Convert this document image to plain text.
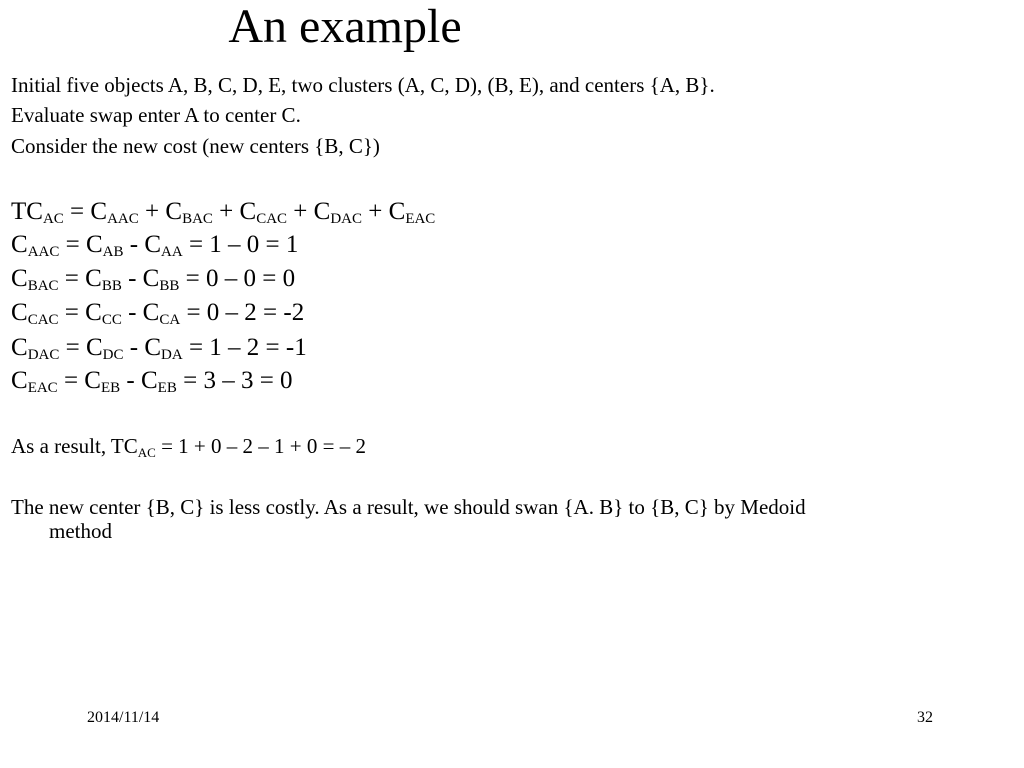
An example
Initial five objects A, B, C, D, E, two clusters (A, C, D), (B, E), and centers {A, B}.
Evaluate swap enter A to center C.
Consider the new cost (new centers {B, C})
$TC_{AC} = C_{AAC} + C_{BAC} + C_{CAC} + C_{DAC} + C_{EAC}$
$C_{AAC} = C_{AB} - C_{AA} = 1 - 0 = 1$
$C_{BAC} = C_{BB} - C_{BB} = 0 - 0 = 0$
$C_{CAC} = C_{CC} - C_{CA} = 0 - 2 = -2$
$C_{DAC} = C_{DC} - C_{DA} = 1 - 2 = -1$
$C_{EAC} = C_{EB} - C_{EB} = 3 - 3 = 0$
As a result, $TC_{AC} = 1 + 0 - 2 - 1 + 0$ = – 2
The new center {B, C} is less costly. As a result, we should swan {A. B} to {B, C} by Medoid
method
2014/11/14	32
